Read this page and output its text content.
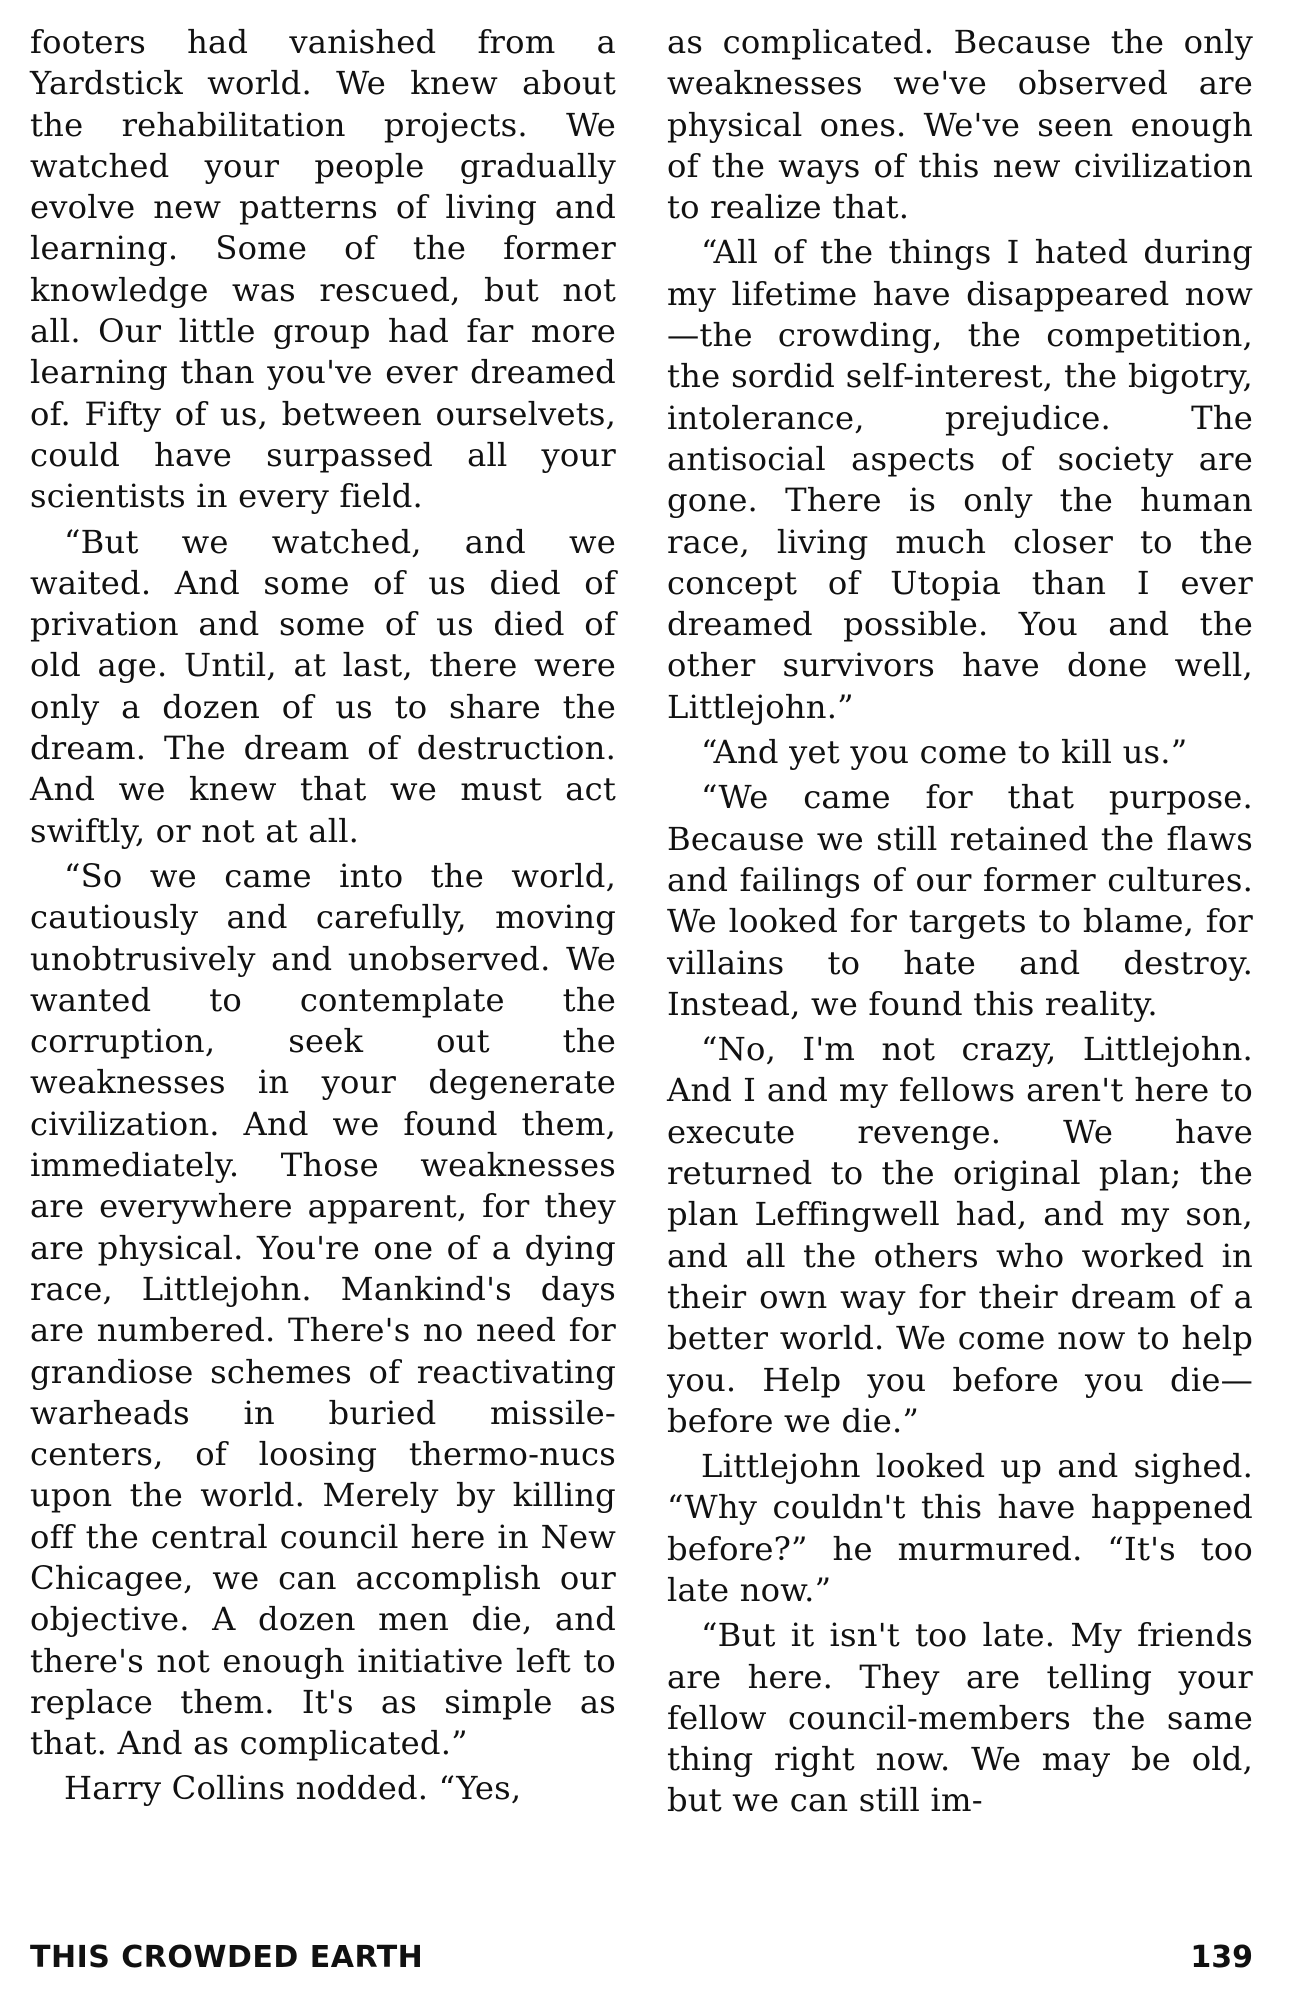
footers had vanished from a Yardstick world. We knew about the rehabilitation projects. We watched your people gradually evolve new patterns of living and learning. Some of the former knowledge was rescued, but not all. Our little group had far more learning than you've ever dreamed of. Fifty of us, between ourselvets, could have surpassed all your scientists in every field.

“But we watched, and we waited. And some of us died of privation and some of us died of old age. Until, at last, there were only a dozen of us to share the dream. The dream of destruction. And we knew that we must act swiftly, or not at all.

“So we came into the world, cautiously and carefully, moving unobtrusively and unobserved. We wanted to contemplate the corruption, seek out the weaknesses in your degenerate civilization. And we found them, immediately. Those weaknesses are everywhere apparent, for they are physical. You're one of a dying race, Littlejohn. Mankind's days are numbered. There's no need for grandiose schemes of reactivating warheads in buried missile-centers, of loosing thermo-nucs upon the world. Merely by killing off the central council here in New Chicagee, we can accomplish our objective. A dozen men die, and there's not enough initiative left to replace them. It's as simple as that. And as complicated.”

Harry Collins nodded. “Yes,

as complicated. Because the only weaknesses we've observed are physical ones. We've seen enough of the ways of this new civilization to realize that.

“All of the things I hated during my lifetime have disappeared now—the crowding, the competition, the sordid self-interest, the bigotry, intolerance, prejudice. The antisocial aspects of society are gone. There is only the human race, living much closer to the concept of Utopia than I ever dreamed possible. You and the other survivors have done well, Littlejohn.”

“And yet you come to kill us.”

“We came for that purpose. Because we still retained the flaws and failings of our former cultures. We looked for targets to blame, for villains to hate and destroy. Instead, we found this reality.

“No, I'm not crazy, Littlejohn. And I and my fellows aren't here to execute revenge. We have returned to the original plan; the plan Leffingwell had, and my son, and all the others who worked in their own way for their dream of a better world. We come now to help you. Help you before you die—before we die.”

Littlejohn looked up and sighed. “Why couldn't this have happened before?” he murmured. “It's too late now.”

“But it isn't too late. My friends are here. They are telling your fellow council-members the same thing right now. We may be old, but we can still im-

THIS CROWDED EARTH	139
